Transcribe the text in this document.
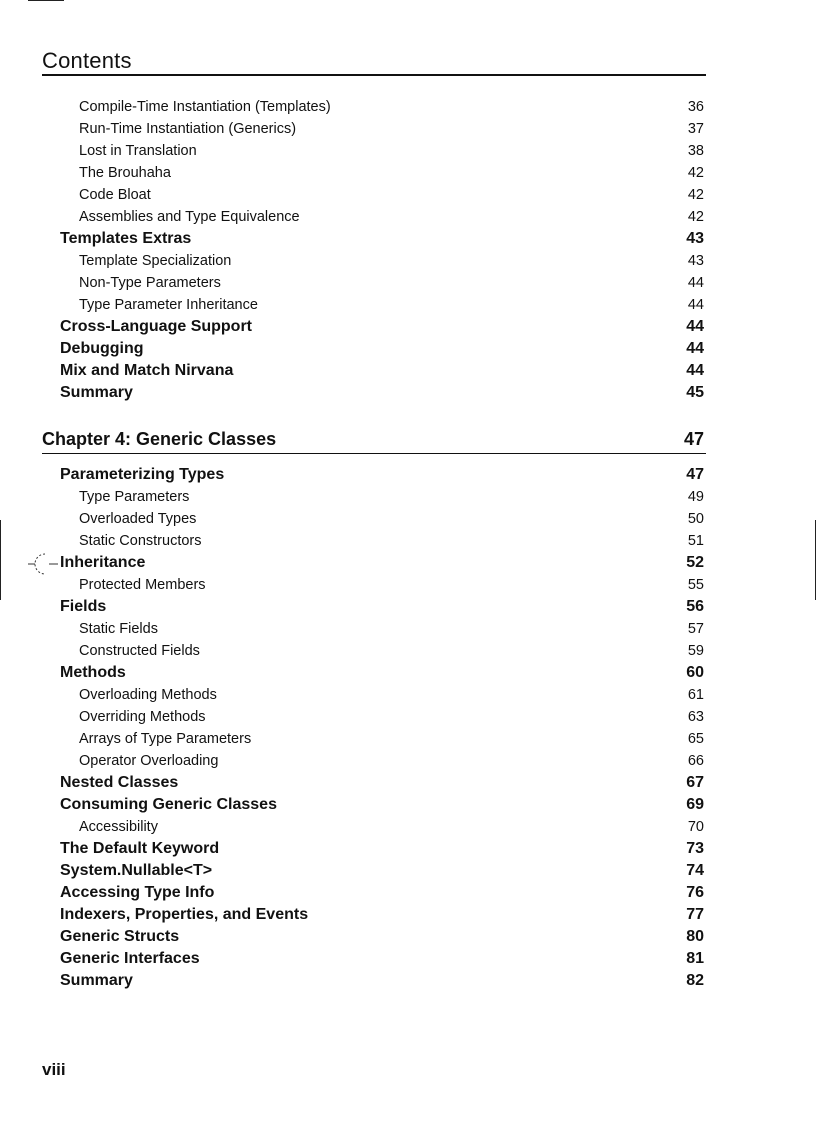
Contents
Compile-Time Instantiation (Templates)	36
Run-Time Instantiation (Generics)	37
Lost in Translation	38
The Brouhaha	42
Code Bloat	42
Assemblies and Type Equivalence	42
Templates Extras	43
Template Specialization	43
Non-Type Parameters	44
Type Parameter Inheritance	44
Cross-Language Support	44
Debugging	44
Mix and Match Nirvana	44
Summary	45
Chapter 4: Generic Classes	47
Parameterizing Types	47
Type Parameters	49
Overloaded Types	50
Static Constructors	51
Inheritance	52
Protected Members	55
Fields	56
Static Fields	57
Constructed Fields	59
Methods	60
Overloading Methods	61
Overriding Methods	63
Arrays of Type Parameters	65
Operator Overloading	66
Nested Classes	67
Consuming Generic Classes	69
Accessibility	70
The Default Keyword	73
System.Nullable<T>	74
Accessing Type Info	76
Indexers, Properties, and Events	77
Generic Structs	80
Generic Interfaces	81
Summary	82
viii
